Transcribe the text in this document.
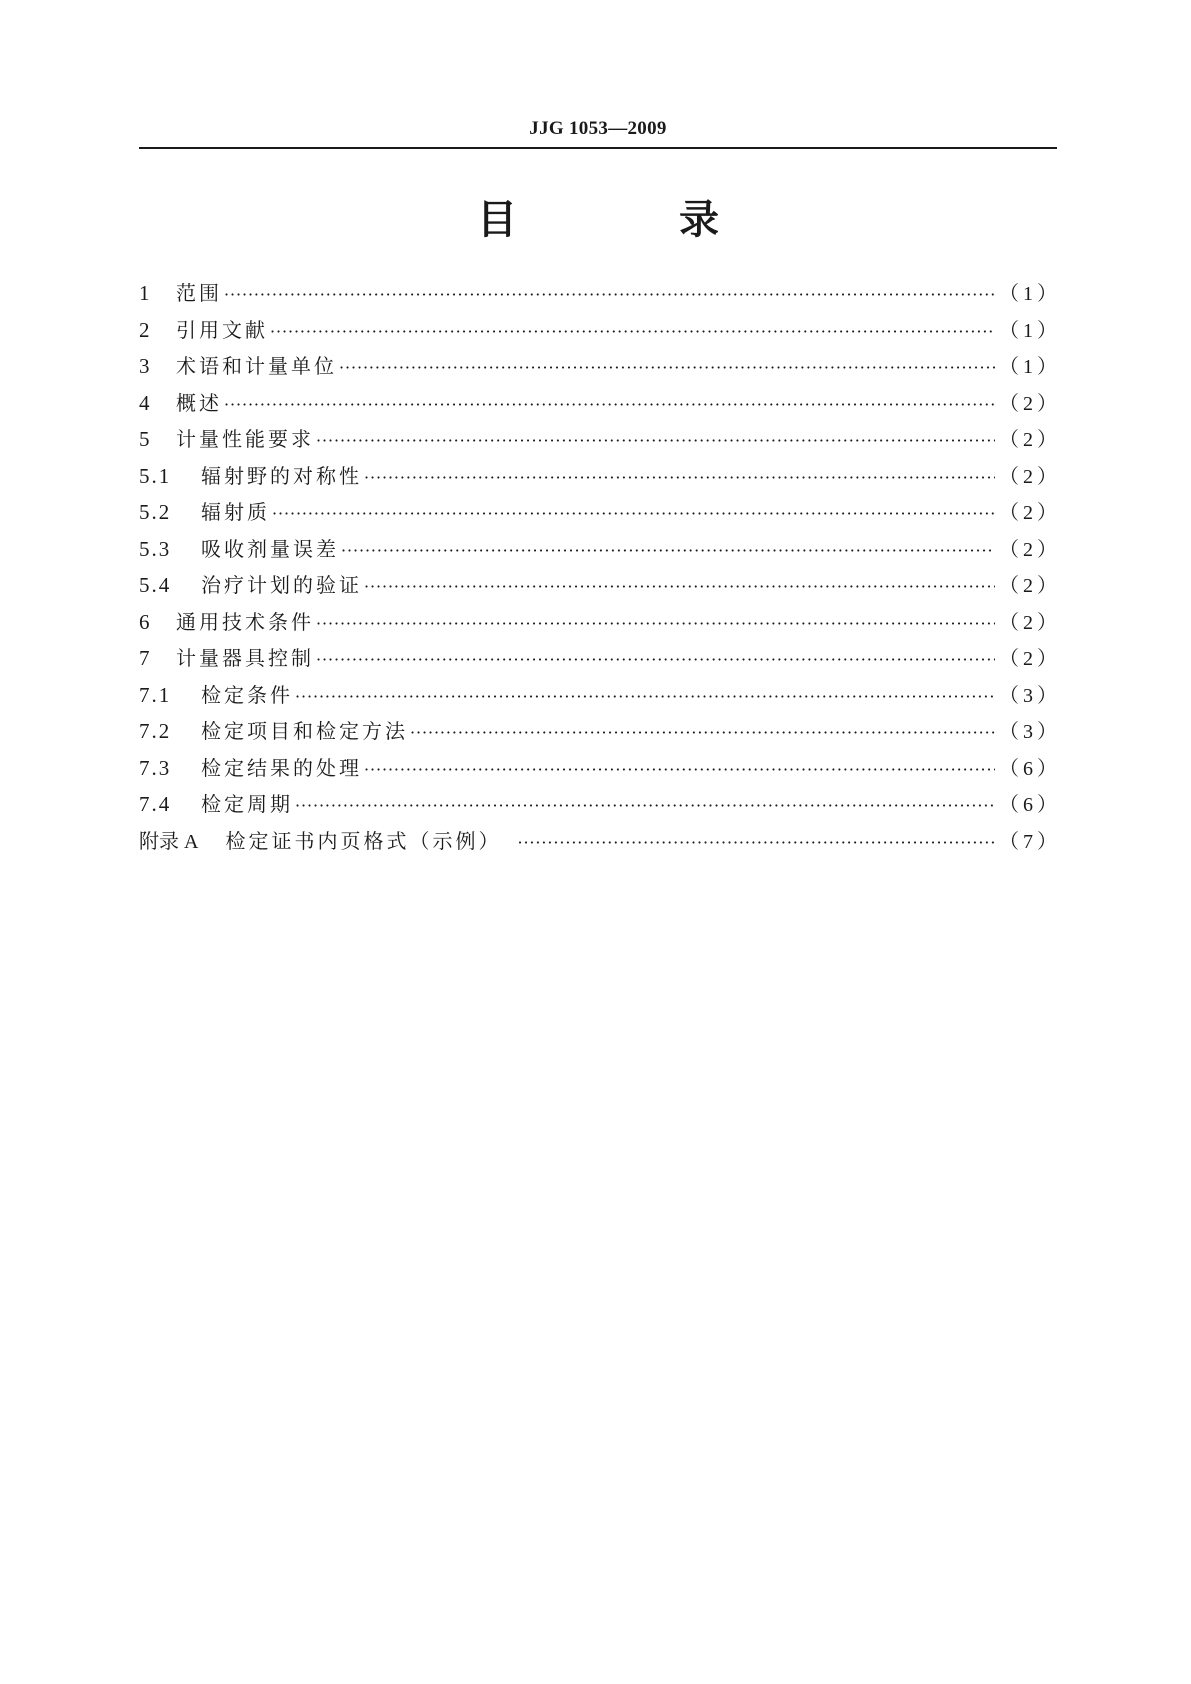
JJG 1053—2009
目 录
1	范围 ·····	（1）
2	引用文献 ·····	（1）
3	术语和计量单位 ·····	（1）
4	概述 ·····	（2）
5	计量性能要求 ·····	（2）
5.1	辐射野的对称性 ·····	（2）
5.2	辐射质 ·····	（2）
5.3	吸收剂量误差 ·····	（2）
5.4	治疗计划的验证 ·····	（2）
6	通用技术条件 ·····	（2）
7	计量器具控制 ·····	（2）
7.1	检定条件 ·····	（3）
7.2	检定项目和检定方法 ·····	（3）
7.3	检定结果的处理 ·····	（6）
7.4	检定周期 ·····	（6）
附录 A 检定证书内页格式（示例） ·····	（7）
